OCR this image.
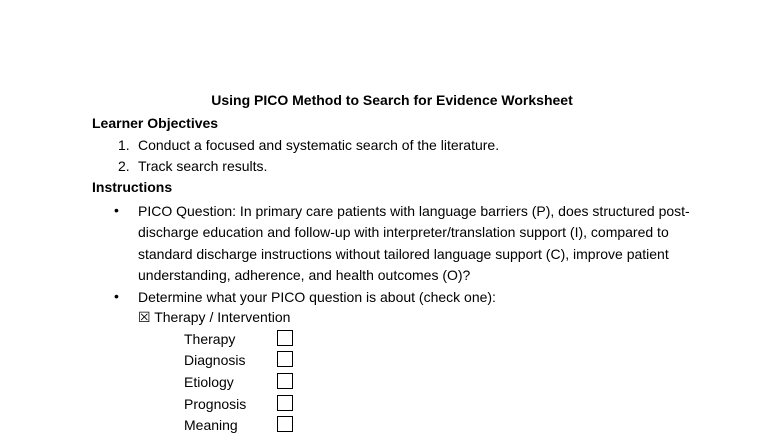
Using PICO Method to Search for Evidence Worksheet
Learner Objectives
1. Conduct a focused and systematic search of the literature.
2. Track search results.
Instructions
• PICO Question: In primary care patients with language barriers (P), does structured post-discharge education and follow-up with interpreter/translation support (I), compared to standard discharge instructions without tailored language support (C), improve patient understanding, adherence, and health outcomes (O)?
• Determine what your PICO question is about (check one):
☒ Therapy / Intervention
Therapy
Diagnosis
Etiology
Prognosis
Meaning
